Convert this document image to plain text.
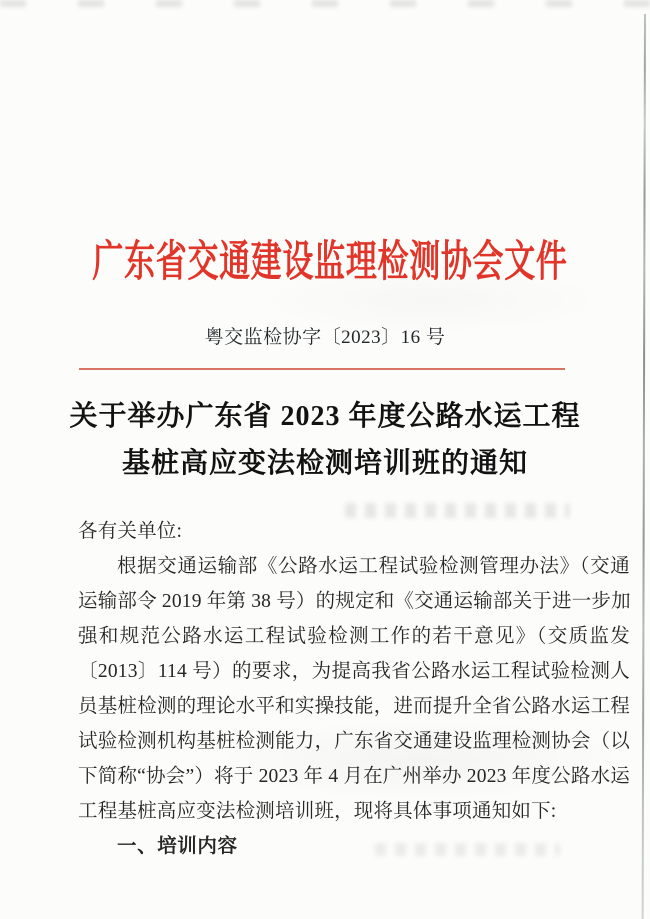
广东省交通建设监理检测协会文件
粤交监检协字〔2023〕16 号
关于举办广东省 2023 年度公路水运工程
基桩高应变法检测培训班的通知
各有关单位:
根据交通运输部《公路水运工程试验检测管理办法》（交通
运输部令 2019 年第 38 号）的规定和《交通运输部关于进一步加
强和规范公路水运工程试验检测工作的若干意见》（交质监发
〔2013〕114 号）的要求，为提高我省公路水运工程试验检测人
员基桩检测的理论水平和实操技能，进而提升全省公路水运工程
试验检测机构基桩检测能力，广东省交通建设监理检测协会（以
下简称“协会”）将于 2023 年 4 月在广州举办 2023 年度公路水运
工程基桩高应变法检测培训班，现将具体事项通知如下:
一、培训内容
